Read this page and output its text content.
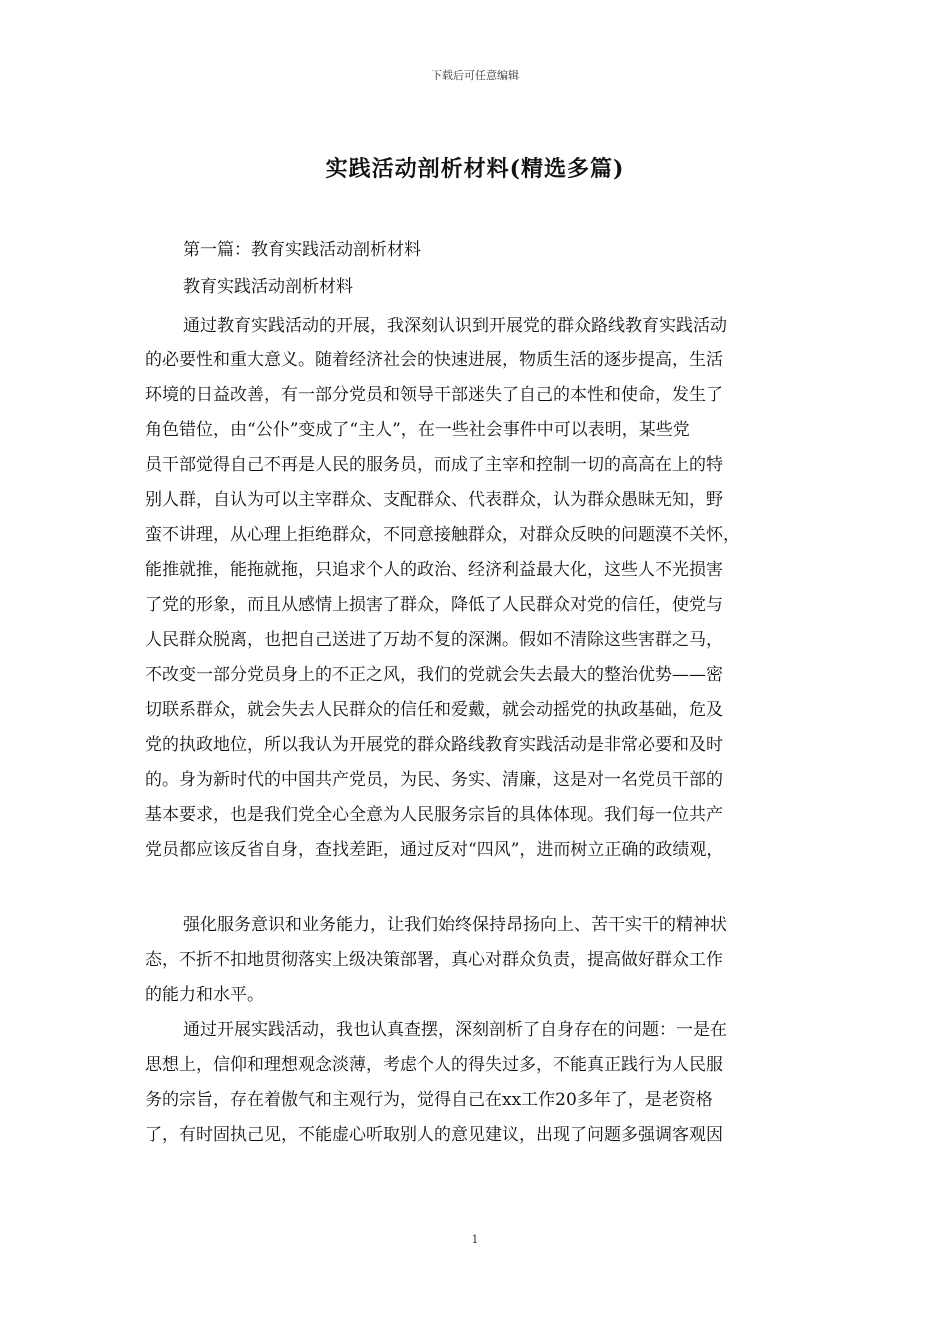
下载后可任意编辑
实践活动剖析材料(精选多篇)
第一篇：教育实践活动剖析材料
教育实践活动剖析材料
通过教育实践活动的开展，我深刻认识到开展党的群众路线教育实践活动
的必要性和重大意义。随着经济社会的快速进展，物质生活的逐步提高，生活
环境的日益改善，有一部分党员和领导干部迷失了自己的本性和使命，发生了
角色错位，由“公仆”变成了“主人”，在一些社会事件中可以表明，某些党
员干部觉得自己不再是人民的服务员，而成了主宰和控制一切的高高在上的特
别人群，自认为可以主宰群众、支配群众、代表群众，认为群众愚昧无知，野
蛮不讲理，从心理上拒绝群众，不同意接触群众，对群众反映的问题漠不关怀，
能推就推，能拖就拖，只追求个人的政治、经济利益最大化，这些人不光损害
了党的形象，而且从感情上损害了群众，降低了人民群众对党的信任，使党与
人民群众脱离，也把自己送进了万劫不复的深渊。假如不清除这些害群之马，
不改变一部分党员身上的不正之风，我们的党就会失去最大的整治优势——密
切联系群众，就会失去人民群众的信任和爱戴，就会动摇党的执政基础，危及
党的执政地位，所以我认为开展党的群众路线教育实践活动是非常必要和及时
的。身为新时代的中国共产党员，为民、务实、清廉，这是对一名党员干部的
基本要求，也是我们党全心全意为人民服务宗旨的具体体现。我们每一位共产
党员都应该反省自身，查找差距，通过反对“四风”，进而树立正确的政绩观，
强化服务意识和业务能力，让我们始终保持昂扬向上、苦干实干的精神状
态，不折不扣地贯彻落实上级决策部署，真心对群众负责，提高做好群众工作
的能力和水平。
通过开展实践活动，我也认真查摆，深刻剖析了自身存在的问题：一是在
思想上，信仰和理想观念淡薄，考虑个人的得失过多，不能真正践行为人民服
务的宗旨，存在着傲气和主观行为，觉得自己在xx工作20多年了，是老资格
了，有时固执己见，不能虚心听取别人的意见建议，出现了问题多强调客观因
1
